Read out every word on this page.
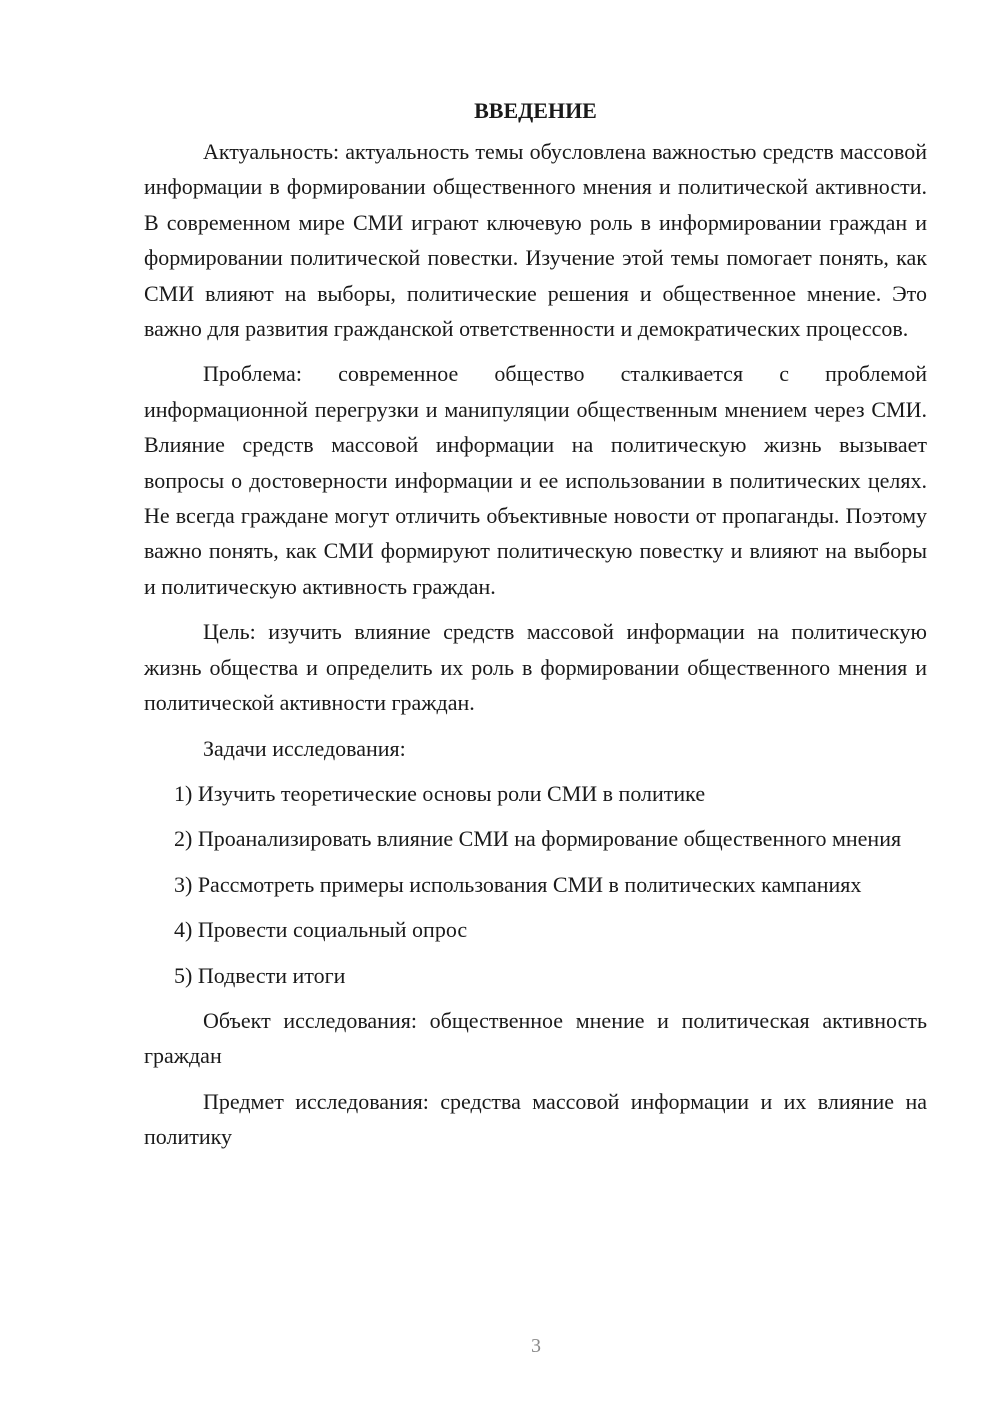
ВВЕДЕНИЕ

Актуальность: актуальность темы обусловлена важностью средств массовой информации в формировании общественного мнения и политической активности. В современном мире СМИ играют ключевую роль в информировании граждан и формировании политической повестки. Изучение этой темы помогает понять, как СМИ влияют на выборы, политические решения и общественное мнение. Это важно для развития гражданской ответственности и демократических процессов.

Проблема: современное общество сталкивается с проблемой информационной перегрузки и манипуляции общественным мнением через СМИ. Влияние средств массовой информации на политическую жизнь вызывает вопросы о достоверности информации и ее использовании в политических целях. Не всегда граждане могут отличить объективные новости от пропаганды. Поэтому важно понять, как СМИ формируют политическую повестку и влияют на выборы и политическую активность граждан.

Цель: изучить влияние средств массовой информации на политическую жизнь общества и определить их роль в формировании общественного мнения и политической активности граждан.

Задачи исследования:

1) Изучить теоретические основы роли СМИ в политике

2) Проанализировать влияние СМИ на формирование общественного мнения

3) Рассмотреть примеры использования СМИ в политических кампаниях

4) Провести социальный опрос

5) Подвести итоги

Объект исследования: общественное мнение и политическая активность граждан

Предмет исследования: средства массовой информации и их влияние на политику

3
